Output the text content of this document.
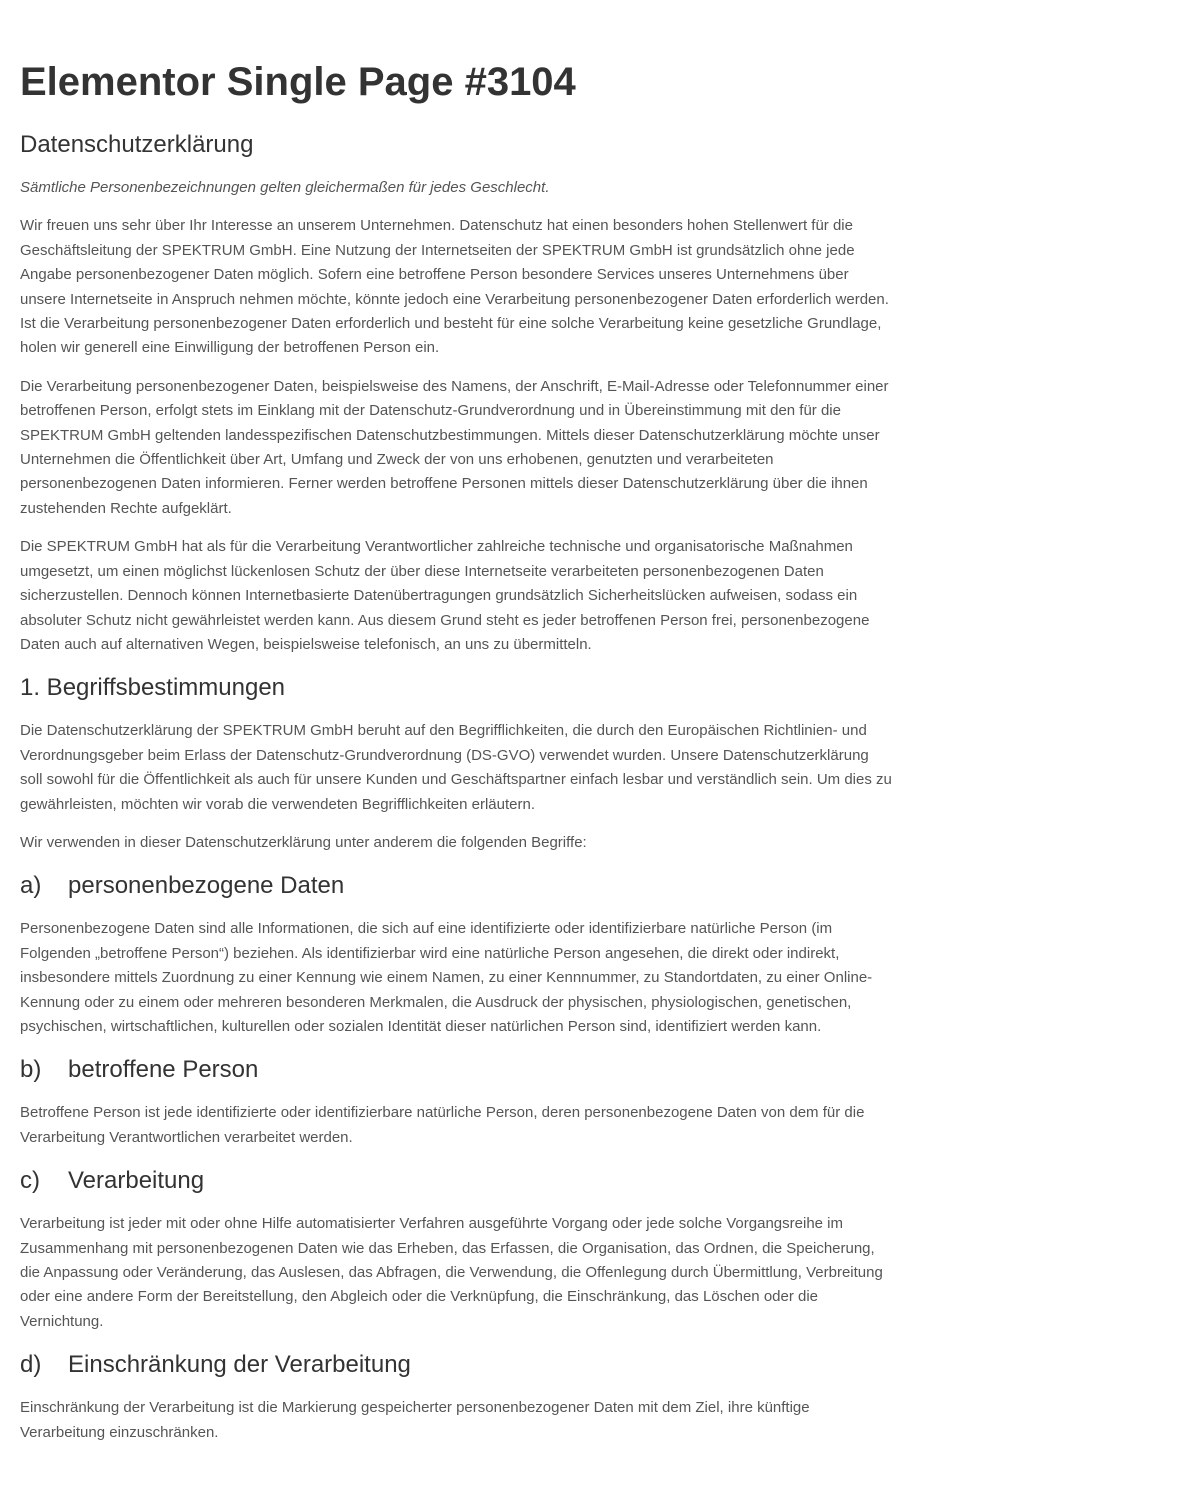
Elementor Single Page #3104
Datenschutzerklärung

Sämtliche Personenbezeichnungen gelten gleichermaßen für jedes Geschlecht.

Wir freuen uns sehr über Ihr Interesse an unserem Unternehmen. Datenschutz hat einen besonders hohen Stellenwert für die Geschäftsleitung der SPEKTRUM GmbH. Eine Nutzung der Internetseiten der SPEKTRUM GmbH ist grundsätzlich ohne jede Angabe personenbezogener Daten möglich. Sofern eine betroffene Person besondere Services unseres Unternehmens über unsere Internetseite in Anspruch nehmen möchte, könnte jedoch eine Verarbeitung personenbezogener Daten erforderlich werden. Ist die Verarbeitung personenbezogener Daten erforderlich und besteht für eine solche Verarbeitung keine gesetzliche Grundlage, holen wir generell eine Einwilligung der betroffenen Person ein.

Die Verarbeitung personenbezogener Daten, beispielsweise des Namens, der Anschrift, E-Mail-Adresse oder Telefonnummer einer betroffenen Person, erfolgt stets im Einklang mit der Datenschutz-Grundverordnung und in Übereinstimmung mit den für die SPEKTRUM GmbH geltenden landesspezifischen Datenschutzbestimmungen. Mittels dieser Datenschutzerklärung möchte unser Unternehmen die Öffentlichkeit über Art, Umfang und Zweck der von uns erhobenen, genutzten und verarbeiteten personenbezogenen Daten informieren. Ferner werden betroffene Personen mittels dieser Datenschutzerklärung über die ihnen zustehenden Rechte aufgeklärt.

Die SPEKTRUM GmbH hat als für die Verarbeitung Verantwortlicher zahlreiche technische und organisatorische Maßnahmen umgesetzt, um einen möglichst lückenlosen Schutz der über diese Internetseite verarbeiteten personenbezogenen Daten sicherzustellen. Dennoch können Internetbasierte Datenübertragungen grundsätzlich Sicherheitslücken aufweisen, sodass ein absoluter Schutz nicht gewährleistet werden kann. Aus diesem Grund steht es jeder betroffenen Person frei, personenbezogene Daten auch auf alternativen Wegen, beispielsweise telefonisch, an uns zu übermitteln.

1. Begriffsbestimmungen

Die Datenschutzerklärung der SPEKTRUM GmbH beruht auf den Begrifflichkeiten, die durch den Europäischen Richtlinien- und Verordnungsgeber beim Erlass der Datenschutz-Grundverordnung (DS-GVO) verwendet wurden. Unsere Datenschutzerklärung soll sowohl für die Öffentlichkeit als auch für unsere Kunden und Geschäftspartner einfach lesbar und verständlich sein. Um dies zu gewährleisten, möchten wir vorab die verwendeten Begrifflichkeiten erläutern.

Wir verwenden in dieser Datenschutzerklärung unter anderem die folgenden Begriffe:

a) personenbezogene Daten

Personenbezogene Daten sind alle Informationen, die sich auf eine identifizierte oder identifizierbare natürliche Person (im Folgenden „betroffene Person“) beziehen. Als identifizierbar wird eine natürliche Person angesehen, die direkt oder indirekt, insbesondere mittels Zuordnung zu einer Kennung wie einem Namen, zu einer Kennnummer, zu Standortdaten, zu einer Online-Kennung oder zu einem oder mehreren besonderen Merkmalen, die Ausdruck der physischen, physiologischen, genetischen, psychischen, wirtschaftlichen, kulturellen oder sozialen Identität dieser natürlichen Person sind, identifiziert werden kann.

b) betroffene Person

Betroffene Person ist jede identifizierte oder identifizierbare natürliche Person, deren personenbezogene Daten von dem für die Verarbeitung Verantwortlichen verarbeitet werden.

c) Verarbeitung

Verarbeitung ist jeder mit oder ohne Hilfe automatisierter Verfahren ausgeführte Vorgang oder jede solche Vorgangsreihe im Zusammenhang mit personenbezogenen Daten wie das Erheben, das Erfassen, die Organisation, das Ordnen, die Speicherung, die Anpassung oder Veränderung, das Auslesen, das Abfragen, die Verwendung, die Offenlegung durch Übermittlung, Verbreitung oder eine andere Form der Bereitstellung, den Abgleich oder die Verknüpfung, die Einschränkung, das Löschen oder die Vernichtung.

d) Einschränkung der Verarbeitung

Einschränkung der Verarbeitung ist die Markierung gespeicherter personenbezogener Daten mit dem Ziel, ihre künftige Verarbeitung einzuschränken.
